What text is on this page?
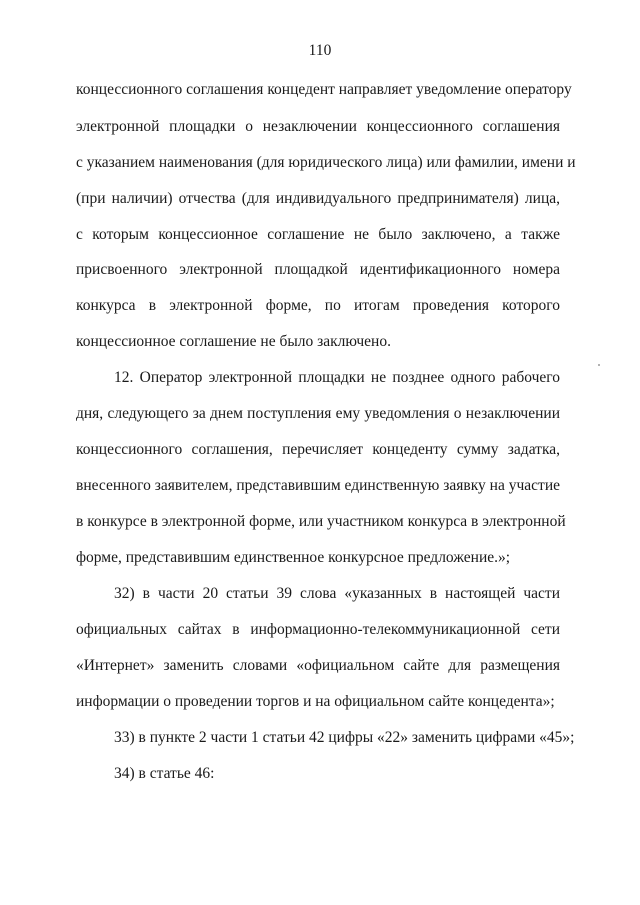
110
концессионного соглашения концедент направляет уведомление оператору
электронной площадки о незаключении концессионного соглашения
с указанием наименования (для юридического лица) или фамилии, имени и
(при наличии) отчества (для индивидуального предпринимателя) лица,
с которым концессионное соглашение не было заключено, а также
присвоенного электронной площадкой идентификационного номера
конкурса в электронной форме, по итогам проведения которого
концессионное соглашение не было заключено.
12. Оператор электронной площадки не позднее одного рабочего
дня, следующего за днем поступления ему уведомления о незаключении
концессионного соглашения, перечисляет концеденту сумму задатка,
внесенного заявителем, представившим единственную заявку на участие
в конкурсе в электронной форме, или участником конкурса в электронной
форме, представившим единственное конкурсное предложение.»;
32) в части 20 статьи 39 слова «указанных в настоящей части
официальных сайтах в информационно-телекоммуникационной сети
«Интернет» заменить словами «официальном сайте для размещения
информации о проведении торгов и на официальном сайте концедента»;
33) в пункте 2 части 1 статьи 42 цифры «22» заменить цифрами «45»;
34) в статье 46:
